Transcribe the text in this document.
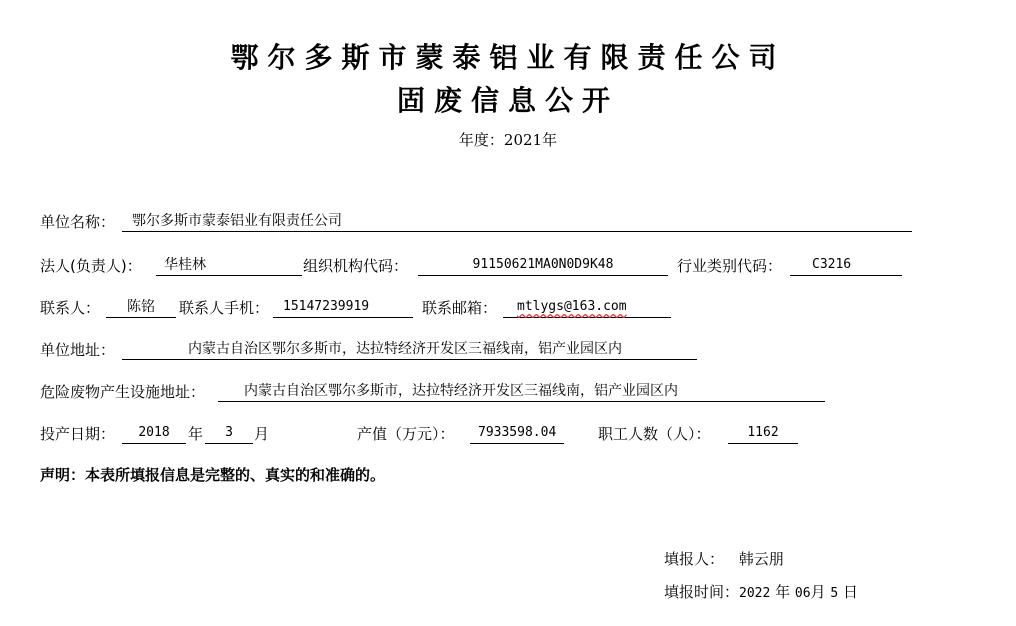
鄂尔多斯市蒙泰铝业有限责任公司
固废信息公开
年度：2021年
单位名称：	鄂尔多斯市蒙泰铝业有限责任公司
法人(负责人)：	华桂林	组织机构代码：	91150621MA0N0D9K48	行业类别代码：	C3216
联系人：	陈铭	联系人手机：	15147239919	联系邮箱：	mtlygs@163.com
单位地址：	内蒙古自治区鄂尔多斯市，达拉特经济开发区三福线南，铝产业园区内
危险废物产生设施地址：	内蒙古自治区鄂尔多斯市，达拉特经济开发区三福线南，铝产业园区内
投产日期：	2018	年	3	月	产值（万元）：	7933598.04	职工人数（人）：	1162
声明：本表所填报信息是完整的、真实的和准确的。
填报人： 韩云朋
填报时间：2022 年 06月 5 日
